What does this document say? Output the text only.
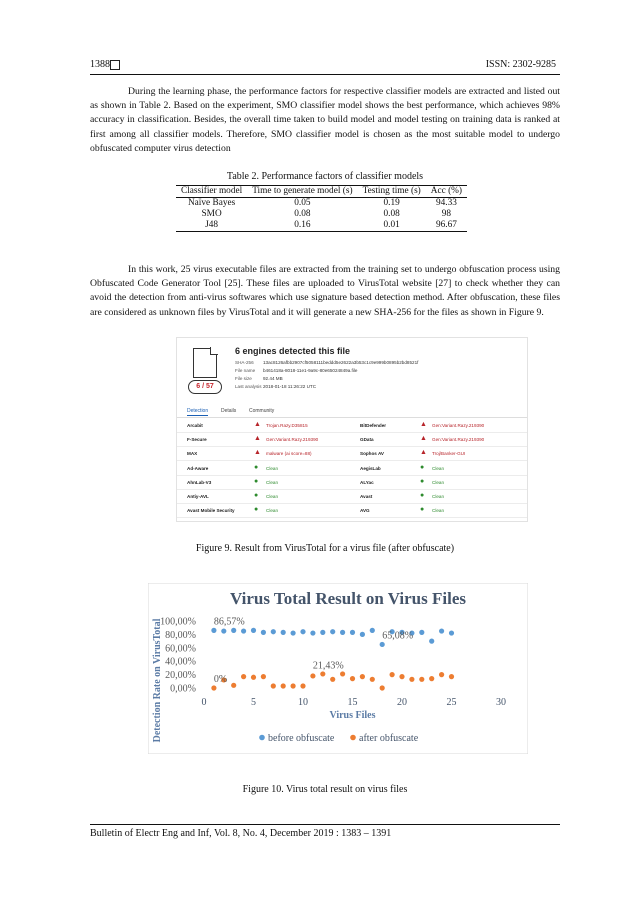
1388	ISSN: 2302-9285

During the learning phase, the performance factors for respective classifier models are extracted and listed out as shown in Table 2. Based on the experiment, SMO classifier model shows the best performance, which achieves 98% accuracy in classification. Besides, the overall time taken to build model and model testing on training data is ranked at first among all classifier models. Therefore, SMO classifier model is chosen as the most suitable model to undergo obfuscated computer virus detection

Table 2. Performance factors of classifier models
Classifier model	Time to generate model (s)	Testing time (s)	Acc (%)
Naïve Bayes	0.05	0.19	94.33
SMO	0.08	0.08	98
J48	0.16	0.01	96.67

In this work, 25 virus executable files are extracted from the training set to undergo obfuscation process using Obfuscated Code Generator Tool [25]. These files are uploaded to VirusTotal website [27] to check whether they can avoid the detection from anti-virus softwares which use signature based detection method. After obfuscation, these files are considered as unknown files by VirusTotal and it will generate a new SHA-256 for the files as shown in Figure 9.

6 / 57
6 engines detected this file
SHA-256 13ac8126afbb2907cf5058111beddd5e2622a3b53c1c9e999b0895b2bd8521f
File name b461418a-8018-11e1-9a9c-80e65024849a.file
File size 92.44 MB
Last analysis2018-01-18 11:26:22 UTC
Detection	Details	Community
Arcabit	▲ Trojan.Razy.D35815	BitDefender	▲ Gen:Variant.Razy.219390
F-Secure	▲ Gen:Variant.Razy.219390	GData	▲ Gen:Variant.Razy.219390
MAX	▲ malware (ai score=88)	Sophos AV	▲ Troj/Banker-GUI
Ad-Aware	● Clean	AegisLab	● Clean
AhnLab-V3	● Clean	ALYac	● Clean
Antiy-AVL	● Clean	Avast	● Clean
Avast Mobile Security	● Clean	AVG	● Clean
Figure 9. Result from VirusTotal for a virus file (after obfuscate)
Virus Total Result on Virus Files
0,00%
20,00%
40,00%
60,00%
80,00%
100,00%
0	5	10	15	20	25	30
Virus Files
Detection Rate on VirusTotal	86,57%
21,43%
65,08%
0%
before obfuscate after obfuscate
Figure 10. Virus total result on virus files
Bulletin of Electr Eng and Inf, Vol. 8, No. 4, December 2019 : 1383 – 1391
